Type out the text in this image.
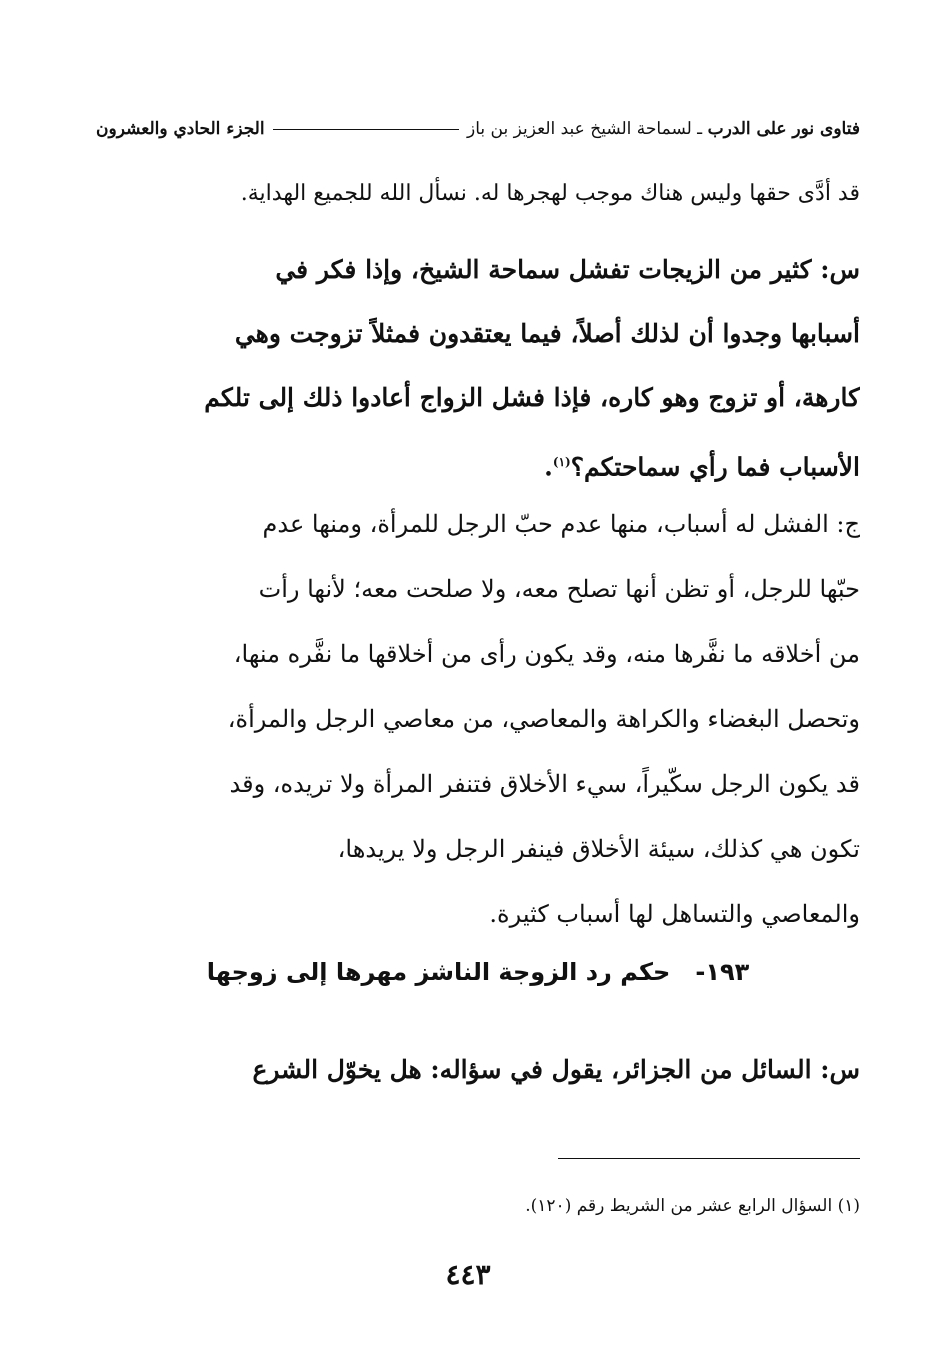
فتاوى نور على الدرب ـ لسماحة الشيخ عبد العزيز بن باز
الجزء الحادي والعشرون

قد أدَّى حقها وليس هناك موجب لهجرها له. نسأل الله للجميع الهداية.

س: كثير من الزيجات تفشل سماحة الشيخ، وإذا فكر في
أسبابها وجدوا أن لذلك أصلاً، فيما يعتقدون فمثلاً تزوجت وهي
كارهة، أو تزوج وهو كاره، فإذا فشل الزواج أعادوا ذلك إلى تلكم
الأسباب فما رأي سماحتكم؟$^{(١)}$.

ج: الفشل له أسباب، منها عدم حبّ الرجل للمرأة، ومنها عدم
حبّها للرجل، أو تظن أنها تصلح معه، ولا صلحت معه؛ لأنها رأت
من أخلاقه ما نفَّرها منه، وقد يكون رأى من أخلاقها ما نفَّره منها،
وتحصل البغضاء والكراهة والمعاصي، من معاصي الرجل والمرأة،
قد يكون الرجل سكّيراً، سيء الأخلاق فتنفر المرأة ولا تريده، وقد
تكون هي كذلك، سيئة الأخلاق فينفر الرجل ولا يريدها،
والمعاصي والتساهل لها أسباب كثيرة.

١٩٣-   حكم رد الزوجة الناشز مهرها إلى زوجها

س: السائل من الجزائر، يقول في سؤاله: هل يخوّل الشرع

(١) السؤال الرابع عشر من الشريط رقم (١٢٠).
٤٤٣
